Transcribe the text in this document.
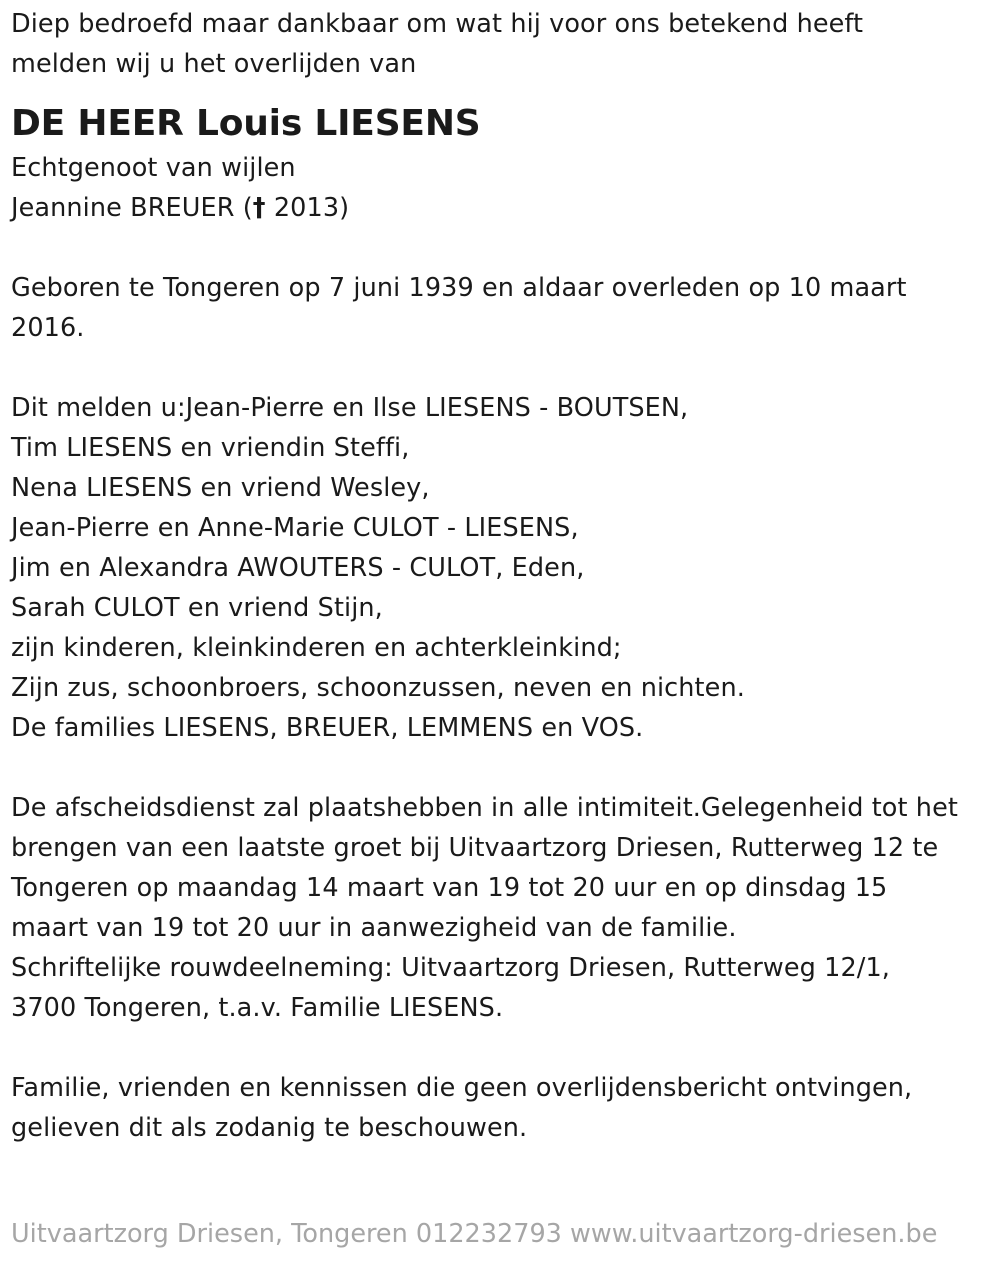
Diep bedroefd maar dankbaar om wat hij voor ons betekend heeft
melden wij u het overlijden van
DE HEER Louis LIESENS
Echtgenoot van wijlen
Jeannine BREUER († 2013)
Geboren te Tongeren op 7 juni 1939 en aldaar overleden op 10 maart
2016.
Dit melden u:Jean-Pierre en Ilse LIESENS - BOUTSEN,
Tim LIESENS en vriendin Steffi,
Nena LIESENS en vriend Wesley,
Jean-Pierre en Anne-Marie CULOT - LIESENS,
Jim en Alexandra AWOUTERS - CULOT, Eden,
Sarah CULOT en vriend Stijn,
zijn kinderen, kleinkinderen en achterkleinkind;
Zijn zus, schoonbroers, schoonzussen, neven en nichten.
De families LIESENS, BREUER, LEMMENS en VOS.
De afscheidsdienst zal plaatshebben in alle intimiteit.Gelegenheid tot het
brengen van een laatste groet bij Uitvaartzorg Driesen, Rutterweg 12 te
Tongeren op maandag 14 maart van 19 tot 20 uur en op dinsdag 15
maart van 19 tot 20 uur in aanwezigheid van de familie.
Schriftelijke rouwdeelneming: Uitvaartzorg Driesen, Rutterweg 12/1,
3700 Tongeren, t.a.v. Familie LIESENS.
Familie, vrienden en kennissen die geen overlijdensbericht ontvingen,
gelieven dit als zodanig te beschouwen.
Uitvaartzorg Driesen, Tongeren 012232793 www.uitvaartzorg-driesen.be
